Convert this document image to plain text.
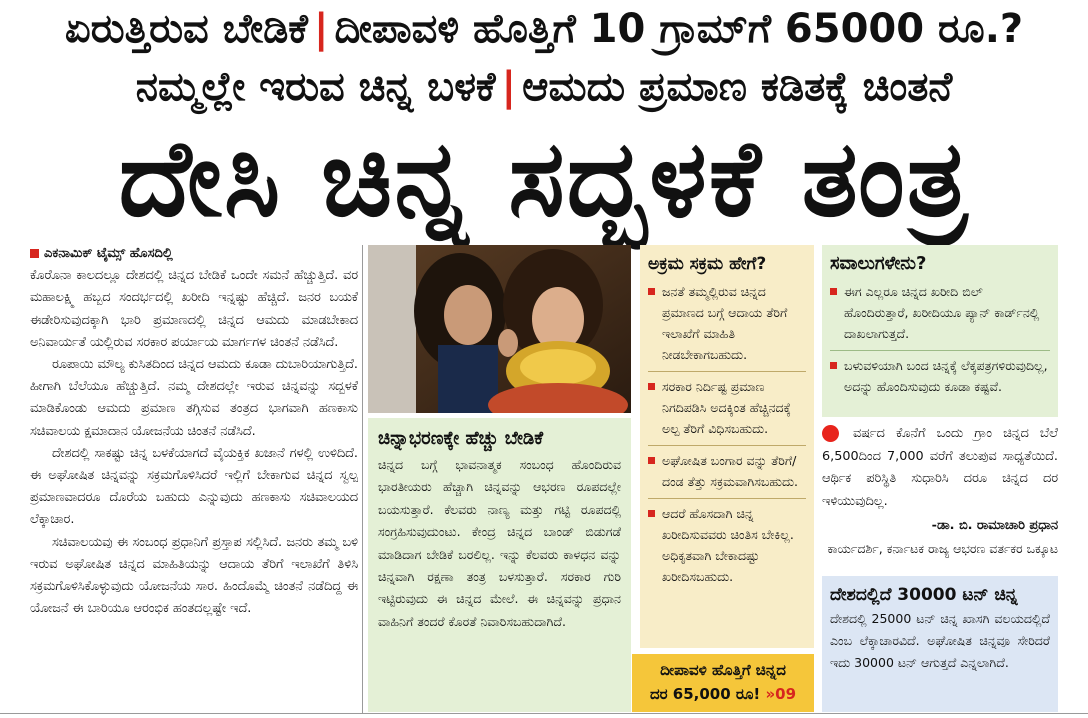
ಏರುತ್ತಿರುವ ಬೇಡಿಕೆ | ದೀಪಾವಳಿ ಹೊತ್ತಿಗೆ 10 ಗ್ರಾಮ್‌ಗೆ 65000 ರೂ.?
ನಮ್ಮಲ್ಲೇ ಇರುವ ಚಿನ್ನ ಬಳಕೆ | ಆಮದು ಪ್ರಮಾಣ ಕಡಿತಕ್ಕೆ ಚಿಂತನೆ
ದೇಸಿ ಚಿನ್ನ ಸದ್ಬಳಕೆ ತಂತ್ರ
ಎಕನಾಮಿಕ್ ಟೈಮ್ಸ್ ಹೊಸದಿಲ್ಲಿ

ಕೊರೊನಾ ಕಾಲದಲ್ಲೂ ದೇಶದಲ್ಲಿ ಚಿನ್ನದ ಬೇಡಿಕೆ ಒಂದೇ ಸಮನೆ ಹೆಚ್ಚುತ್ತಿದೆ. ವರ ಮಹಾಲಕ್ಷ್ಮಿ ಹಬ್ಬದ ಸಂದರ್ಭದಲ್ಲಿ ಖರೀದಿ ಇನ್ನಷ್ಟು ಹೆಚ್ಚಿದೆ. ಜನರ ಬಯಕೆ ಈಡೇರಿಸುವುದಕ್ಕಾಗಿ ಭಾರಿ ಪ್ರಮಾಣದಲ್ಲಿ ಚಿನ್ನದ ಆಮದು ಮಾಡಬೇಕಾದ ಅನಿವಾರ್ಯತೆ ಯಲ್ಲಿರುವ ಸರಕಾರ ಪರ್ಯಾಯ ಮಾರ್ಗಗಳ ಚಿಂತನೆ ನಡೆಸಿದೆ.

ರೂಪಾಯಿ ಮೌಲ್ಯ ಕುಸಿತದಿಂದ ಚಿನ್ನದ ಆಮದು ಕೂಡಾ ದುಬಾರಿಯಾಗುತ್ತಿದೆ. ಹೀಗಾಗಿ ಬೆಲೆಯೂ ಹೆಚ್ಚುತ್ತಿದೆ. ನಮ್ಮ ದೇಶದಲ್ಲೇ ಇರುವ ಚಿನ್ನವನ್ನು ಸದ್ಬಳಕೆ ಮಾಡಿಕೊಂಡು ಆಮದು ಪ್ರಮಾಣ ತಗ್ಗಿಸುವ ತಂತ್ರದ ಭಾಗವಾಗಿ ಹಣಕಾಸು ಸಚಿವಾಲಯ ಕ್ಷಮಾದಾನ ಯೋಜನೆಯ ಚಿಂತನೆ ನಡೆಸಿದೆ.

ದೇಶದಲ್ಲಿ ಸಾಕಷ್ಟು ಚಿನ್ನ ಬಳಕೆಯಾಗದೆ ವೈಯಕ್ತಿಕ ಖಜಾನೆ ಗಳಲ್ಲಿ ಉಳಿದಿದೆ. ಈ ಅಘೋಷಿತ ಚಿನ್ನವನ್ನು ಸಕ್ರಮಗೊಳಿಸಿದರೆ ಇಲ್ಲಿಗೆ ಬೇಕಾಗುವ ಚಿನ್ನದ ಸ್ವಲ್ಪ ಪ್ರಮಾಣವಾದರೂ ದೊರೆಯ ಬಹುದು ಎನ್ನುವುದು ಹಣಕಾಸು ಸಚಿವಾಲಯದ ಲೆಕ್ಕಾಚಾರ.

ಸಚಿವಾಲಯವು ಈ ಸಂಬಂಧ ಪ್ರಧಾನಿಗೆ ಪ್ರಸ್ತಾಪ ಸಲ್ಲಿಸಿದೆ. ಜನರು ತಮ್ಮ ಬಳಿ ಇರುವ ಅಘೋಷಿತ ಚಿನ್ನದ ಮಾಹಿತಿಯನ್ನು ಆದಾಯ ತೆರಿಗೆ ಇಲಾಖೆಗೆ ತಿಳಿಸಿ ಸಕ್ರಮಗೊಳಿಸಿಕೊಳ್ಳುವುದು ಯೋಜನೆಯ ಸಾರ. ಹಿಂದೊಮ್ಮೆ ಚಿಂತನೆ ನಡೆದಿದ್ದ ಈ ಯೋಜನೆ ಈ ಬಾರಿಯೂ ಆರಂಭಿಕ ಹಂತದಲ್ಲಷ್ಟೇ ಇದೆ.

ಚಿನ್ನಾಭರಣಕ್ಕೇ ಹೆಚ್ಚು ಬೇಡಿಕೆ

ಚಿನ್ನದ ಬಗ್ಗೆ ಭಾವನಾತ್ಮಕ ಸಂಬಂಧ ಹೊಂದಿರುವ ಭಾರತೀಯರು ಹೆಚ್ಚಾಗಿ ಚಿನ್ನವನ್ನು ಆಭರಣ ರೂಪದಲ್ಲೇ ಬಯಸುತ್ತಾರೆ. ಕೆಲವರು ನಾಣ್ಯ ಮತ್ತು ಗಟ್ಟಿ ರೂಪದಲ್ಲಿ ಸಂಗ್ರಹಿಸುವುದುಂಟು. ಕೇಂದ್ರ ಚಿನ್ನದ ಬಾಂಡ್ ಬಿಡುಗಡೆ ಮಾಡಿದಾಗ ಬೇಡಿಕೆ ಬರಲಿಲ್ಲ. ಇನ್ನು ಕೆಲವರು ಕಾಳಧನ ವನ್ನು ಚಿನ್ನವಾಗಿ ರಕ್ಷಣಾ ತಂತ್ರ ಬಳಸುತ್ತಾರೆ. ಸರಕಾರ ಗುರಿ ಇಟ್ಟಿರುವುದು ಈ ಚಿನ್ನದ ಮೇಲೆ. ಈ ಚಿನ್ನವನ್ನು ಪ್ರಧಾನ ವಾಹಿನಿಗೆ ತಂದರೆ ಕೊರತೆ ನಿವಾರಿಸಬಹುದಾಗಿದೆ.

ಅಕ್ರಮ ಸಕ್ರಮ ಹೇಗೆ?
ಜನತೆ ತಮ್ಮಲ್ಲಿರುವ ಚಿನ್ನದ ಪ್ರಮಾಣದ ಬಗ್ಗೆ ಆದಾಯ ತೆರಿಗೆ ಇಲಾಖೆಗೆ ಮಾಹಿತಿ ನೀಡಬೇಕಾಗಬಹುದು.
ಸರಕಾರ ನಿರ್ದಿಷ್ಟ ಪ್ರಮಾಣ ನಿಗದಿಪಡಿಸಿ ಅದಕ್ಕಿಂತ ಹೆಚ್ಚಿನದಕ್ಕೆ ಅಲ್ಪ ತೆರಿಗೆ ವಿಧಿಸಬಹುದು.
ಅಘೋಷಿತ ಬಂಗಾರ ವನ್ನು ತೆರಿಗೆ/ದಂಡ ತೆತ್ತು ಸಕ್ರಮವಾಗಿಸಬಹುದು.
ಆದರೆ ಹೊಸದಾಗಿ ಚಿನ್ನ ಖರೀದಿಸುವವರು ಚಿಂತಿಸ ಬೇಕಿಲ್ಲ. ಅಧಿಕೃತವಾಗಿ ಬೇಕಾದಷ್ಟು ಖರೀದಿಸಬಹುದು.
ದೀಪಾವಳಿ ಹೊತ್ತಿಗೆ ಚಿನ್ನದ
ದರ 65,000 ರೂ! »09
ಸವಾಲುಗಳೇನು?
ಈಗ ಎಲ್ಲರೂ ಚಿನ್ನದ ಖರೀದಿ ಬಿಲ್ ಹೊಂದಿರುತ್ತಾರೆ, ಖರೀದಿಯೂ ಪ್ಯಾನ್ ಕಾರ್ಡ್‌ನಲ್ಲಿ ದಾಖಲಾಗುತ್ತದೆ.
ಬಳುವಳಿಯಾಗಿ ಬಂದ ಚಿನ್ನಕ್ಕೆ ಲೆಕ್ಕಪತ್ರಗಳಿರುವುದಿಲ್ಲ, ಅದನ್ನು ಹೊಂದಿಸುವುದು ಕೂಡಾ ಕಷ್ಟವೆ.
ವರ್ಷದ ಕೊನೆಗೆ ಒಂದು ಗ್ರಾಂ ಚಿನ್ನದ ಬೆಲೆ 6,500ದಿಂದ 7,000 ವರೆಗೆ ತಲುಪುವ ಸಾಧ್ಯತೆಯಿದೆ. ಆರ್ಥಿಕ ಪರಿಸ್ಥಿತಿ ಸುಧಾರಿಸಿ ದರೂ ಚಿನ್ನದ ದರ ಇಳಿಯುವುದಿಲ್ಲ.
-ಡಾ. ಬಿ. ರಾಮಾಚಾರಿ ಪ್ರಧಾನ
ಕಾರ್ಯದರ್ಶಿ, ಕರ್ನಾಟಕ ರಾಜ್ಯ ಆಭರಣ ವರ್ತಕರ ಒಕ್ಕೂಟ
ದೇಶದಲ್ಲಿದೆ 30000 ಟನ್ ಚಿನ್ನ

ದೇಶದಲ್ಲಿ 25000 ಟನ್ ಚಿನ್ನ ಖಾಸಗಿ ವಲಯದಲ್ಲಿದೆ ಎಂಬ ಲೆಕ್ಕಾಚಾರವಿದೆ. ಅಘೋಷಿತ ಚಿನ್ನವೂ ಸೇರಿದರೆ ಇದು 30000 ಟನ್ ಆಗುತ್ತದೆ ಎನ್ನಲಾಗಿದೆ.
